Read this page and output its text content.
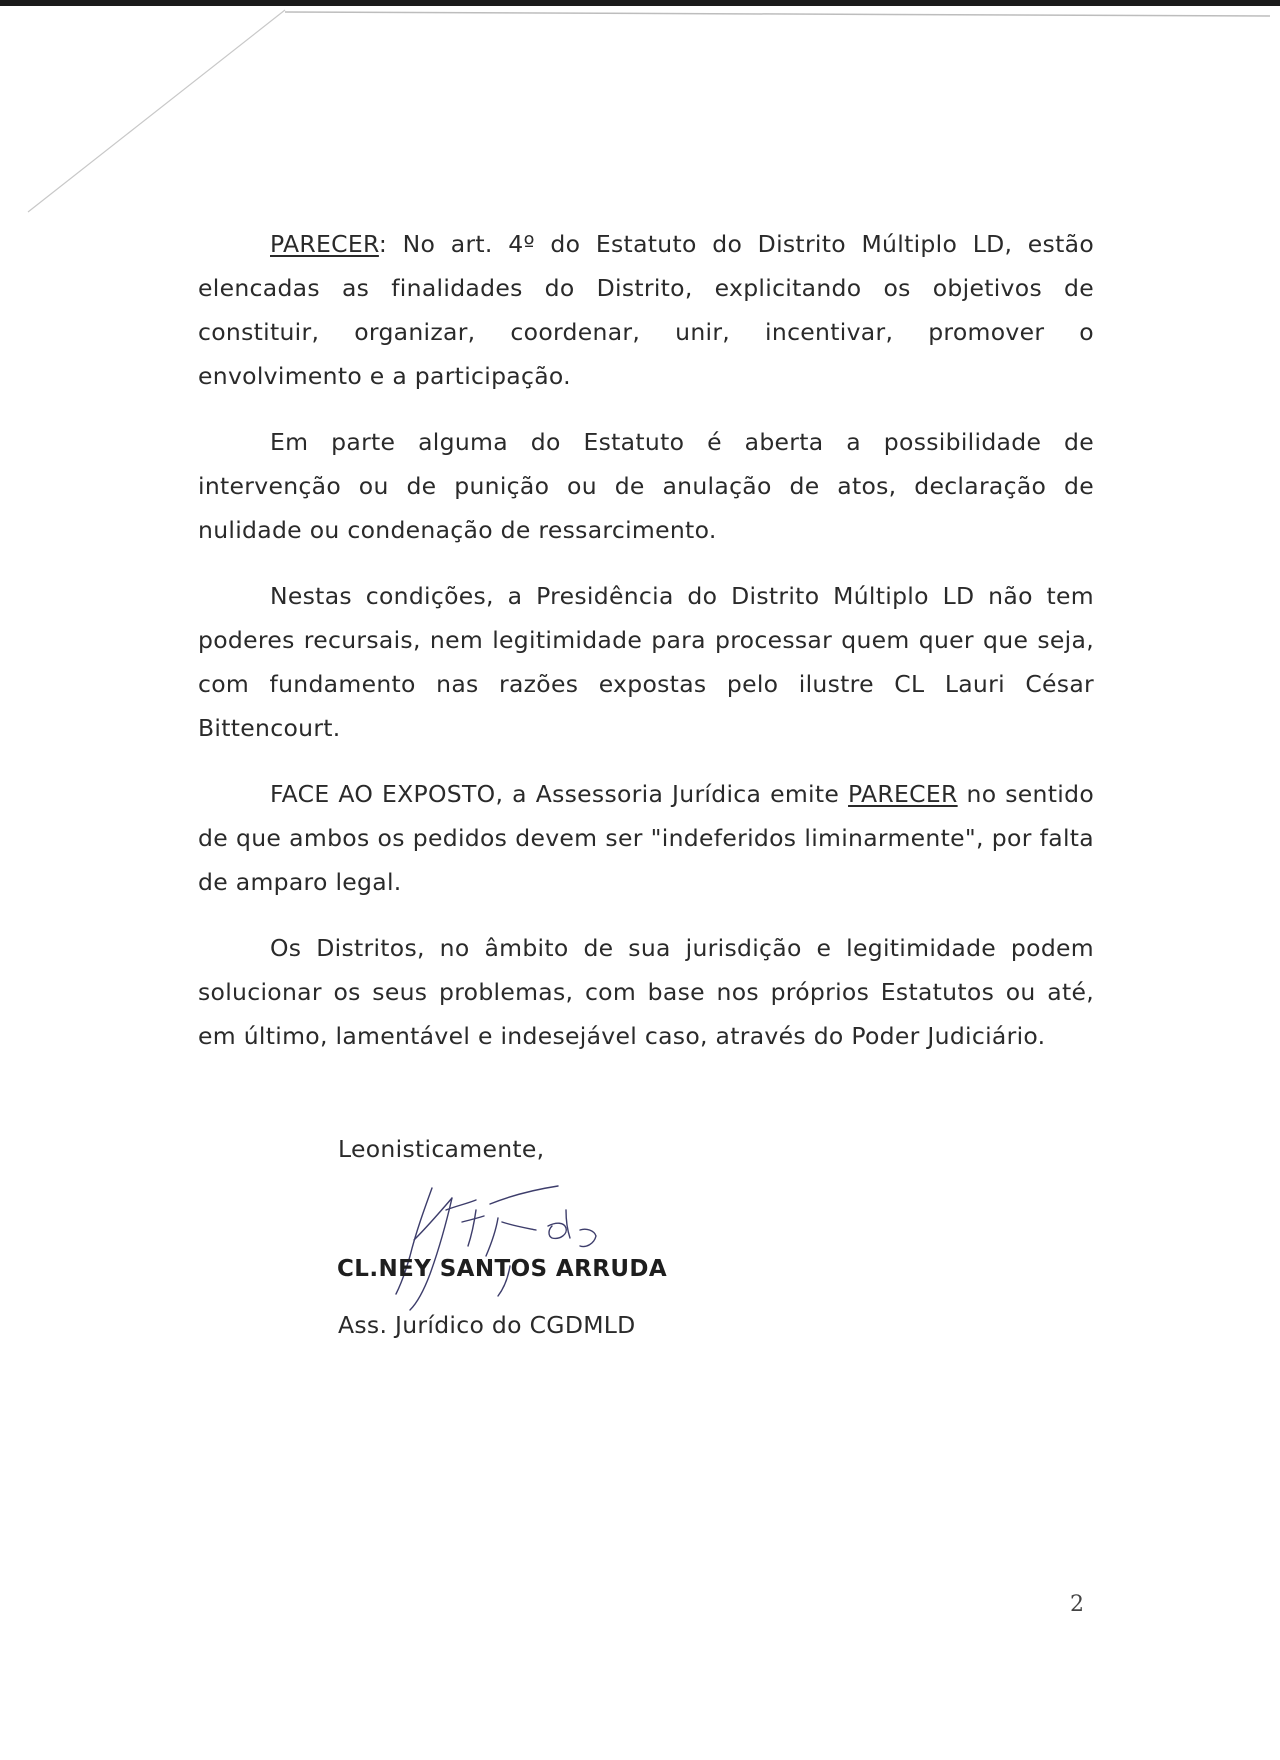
PARECER: No art. 4º do Estatuto do Distrito Múltiplo LD, estão elencadas as finalidades do Distrito, explicitando os objetivos de constituir, organizar, coordenar, unir, incentivar, promover o envolvimento e a participação.

Em parte alguma do Estatuto é aberta a possibilidade de intervenção ou de punição ou de anulação de atos, declaração de nulidade ou condenação de ressarcimento.

Nestas condições, a Presidência do Distrito Múltiplo LD não tem poderes recursais, nem legitimidade para processar quem quer que seja, com fundamento nas razões expostas pelo ilustre CL Lauri César Bittencourt.

FACE AO EXPOSTO, a Assessoria Jurídica emite PARECER no sentido de que ambos os pedidos devem ser "indeferidos liminarmente", por falta de amparo legal.

Os Distritos, no âmbito de sua jurisdição e legitimidade podem solucionar os seus problemas, com base nos próprios Estatutos ou até, em último, lamentável e indesejável caso, através do Poder Judiciário.

Leonisticamente,
CL.NEY SANTOS ARRUDA
Ass. Jurídico do CGDMLD
2
